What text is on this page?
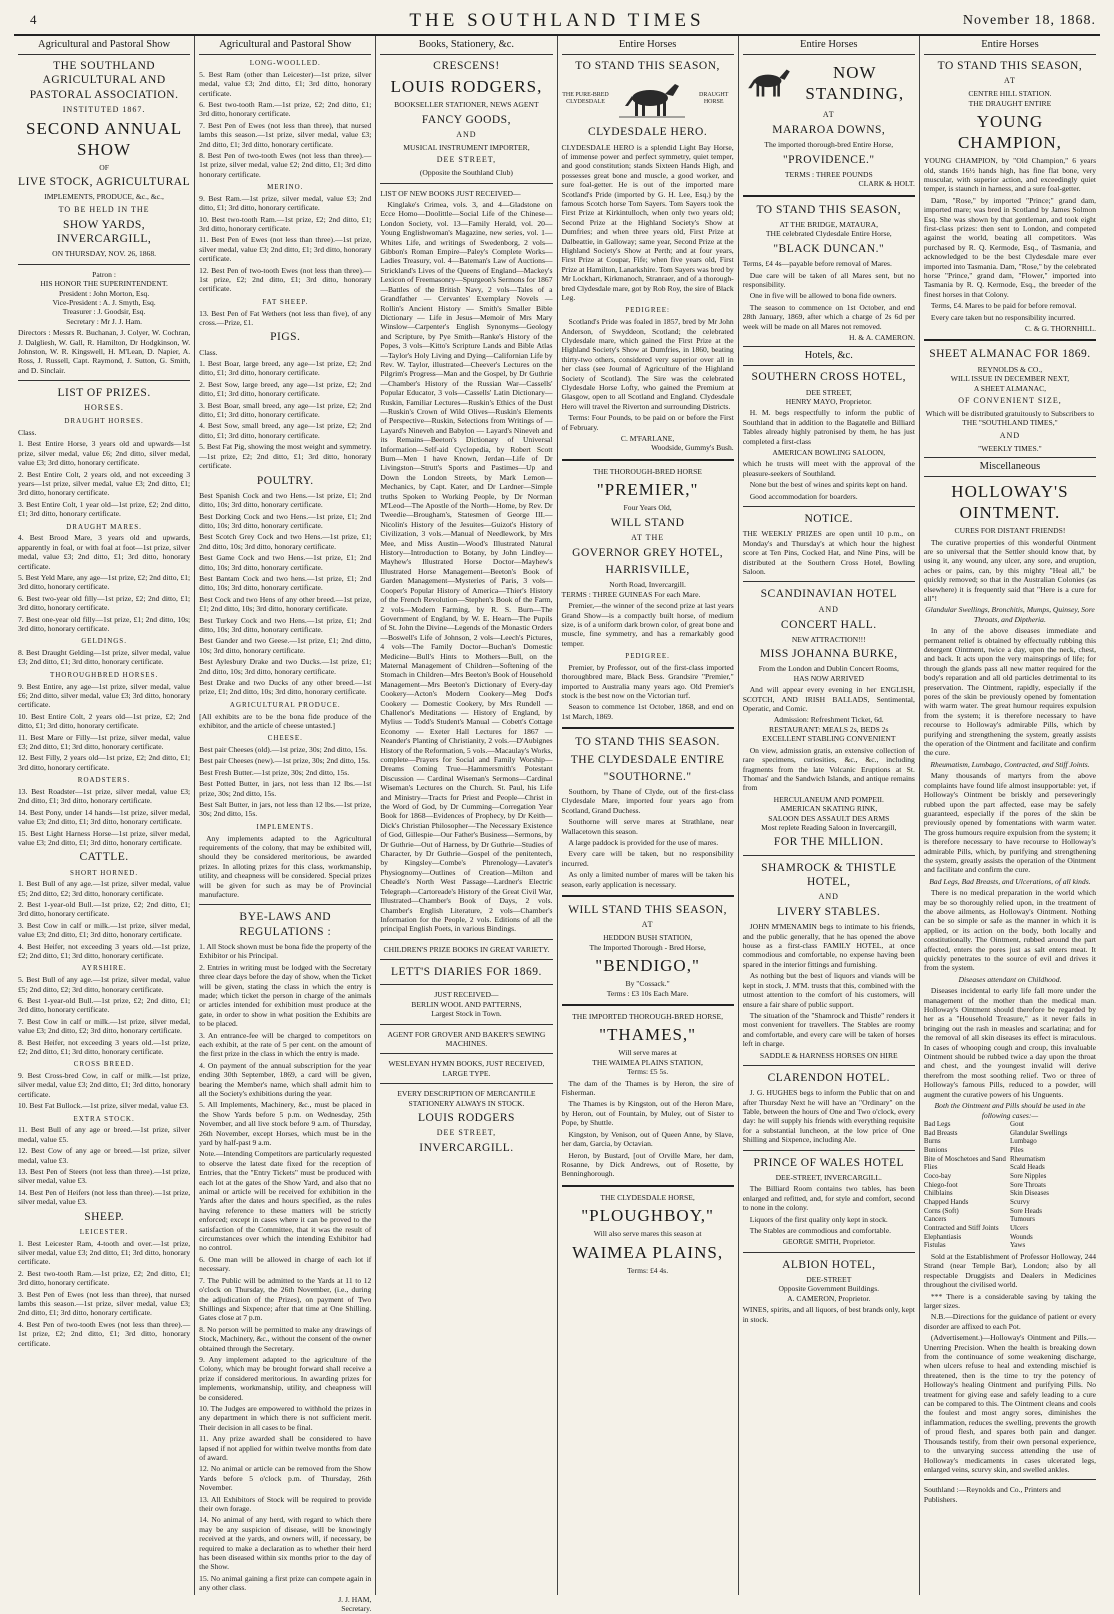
4	THE SOUTHLAND TIMES	November 18, 1868.
Agricultural and Pastoral Show
THE SOUTHLAND AGRICULTURAL AND PASTORAL ASSOCIATION.
INSTITUTED 1867.
SECOND ANNUAL SHOW
OF
LIVE STOCK, AGRICULTURAL
IMPLEMENTS, PRODUCE, &c., &c.,
TO BE HELD IN THE
SHOW YARDS, INVERCARGILL,
ON THURSDAY, NOV. 26, 1868.
Patron :
HIS HONOR THE SUPERINTENDENT.
President : John Morton, Esq.
Vice-President : A. J. Smyth, Esq.
Treasurer : J. Goodsir, Esq.
Secretary : Mr J. J. Ham.

Directors : Messrs R. Buchanan, J. Colyer, W. Cochran, J. Dalgliesh, W. Gall, R. Hamilton, Dr Hodgkinson, W. Johnston, W. R. Kingswell, H. M'Lean, D. Napier, A. Ross, J. Russell, Capt. Raymond, J. Sutton, G. Smith, and D. Sinclair.

LIST OF PRIZES.
HORSES.
DRAUGHT HORSES.
Class.

1. Best Entire Horse, 3 years old and upwards—1st prize, silver medal, value £6; 2nd ditto, silver medal, value £3; 3rd ditto, honorary certificate.

2. Best Entire Colt, 2 years old, and not exceeding 3 years—1st prize, silver medal, value £3; 2nd ditto, £1; 3rd ditto, honorary certificate.

3. Best Entire Colt, 1 year old—1st prize, £2; 2nd ditto, £1; 3rd ditto, honorary certificate.

DRAUGHT MARES.

4. Best Brood Mare, 3 years old and upwards, apparently in foal, or with foal at foot—1st prize, silver medal, value £3; 2nd ditto, £1; 3rd ditto, honorary certificate.

5. Best Yeld Mare, any age—1st prize, £2; 2nd ditto, £1; 3rd ditto, honorary certificate.

6. Best two-year old filly—1st prize, £2; 2nd ditto, £1; 3rd ditto, honorary certificate.

7. Best one-year old filly—1st prize, £1; 2nd ditto, 10s; 3rd ditto, honorary certificate.

GELDINGS.

8. Best Draught Gelding—1st prize, silver medal, value £3; 2nd ditto, £1; 3rd ditto, honorary certificate.

THOROUGHBRED HORSES.

9. Best Entire, any age—1st prize, silver medal, value £6; 2nd ditto, silver medal, value £3; 3rd ditto, honorary certificate.

10. Best Entire Colt, 2 years old—1st prize, £2; 2nd ditto, £1; 3rd ditto, honorary certificate.

11. Best Mare or Filly—1st prize, silver medal, value £3; 2nd ditto, £1; 3rd ditto, honorary certificate.

12. Best Filly, 2 years old—1st prize, £2; 2nd ditto, £1; 3rd ditto, honorary certificate.

ROADSTERS.

13. Best Roadster—1st prize, silver medal, value £3; 2nd ditto, £1; 3rd ditto, honorary certificate.

14. Best Pony, under 14 hands—1st prize, silver medal, value £3; 2nd ditto, £1; 3rd ditto, honorary certificate.

15. Best Light Harness Horse—1st prize, silver medal, value £3; 2nd ditto, £1; 3rd ditto, honorary certificate.

CATTLE.
SHORT HORNED.

1. Best Bull of any age.—1st prize, silver medal, value £5; 2nd ditto, £2; 3rd ditto, honorary certificate.

2. Best 1-year-old Bull.—1st prize, £2; 2nd ditto, £1; 3rd ditto, honorary certificate.

3. Best Cow in calf or milk.—1st prize, silver medal, value £3; 2nd ditto, £1; 3rd ditto, honorary certificate.

4. Best Heifer, not exceeding 3 years old.—1st prize, £2; 2nd ditto, £1; 3rd ditto, honorary certificate.

AYRSHIRE.

5. Best Bull of any age.—1st prize, silver medal, value £5; 2nd ditto, £2; 3rd ditto, honorary certificate.

6. Best 1-year-old Bull.—1st prize, £2; 2nd ditto, £1; 3rd ditto, honorary certificate.

7. Best Cow in calf or milk.—1st prize, silver medal, value £3; 2nd ditto, £2; 3rd ditto, honorary certificate.

8. Best Heifer, not exceeding 3 years old.—1st prize, £2; 2nd ditto, £1; 3rd ditto, honorary certificate.

CROSS BREED.

9. Best Cross-bred Cow, in calf or milk.—1st prize, silver medal, value £3; 2nd ditto, £1; 3rd ditto, honorary certificate.

10. Best Fat Bullock.—1st prize, silver medal, value £3.

EXTRA STOCK.

11. Best Bull of any age or breed.—1st prize, silver medal, value £5.

12. Best Cow of any age or breed.—1st prize, silver medal, value £3.

13. Best Pen of Steers (not less than three).—1st prize, silver medal, value £3.

14. Best Pen of Heifers (not less than three).—1st prize, silver medal, value £3.

SHEEP.
LEICESTER.

1. Best Leicester Ram, 4-tooth and over.—1st prize, silver medal, value £3; 2nd ditto, £1; 3rd ditto, honorary certificate.

2. Best two-tooth Ram.—1st prize, £2; 2nd ditto, £1; 3rd ditto, honorary certificate.

3. Best Pen of Ewes (not less than three), that nursed lambs this season.—1st prize, silver medal, value £3; 2nd ditto, £1; 3rd ditto, honorary certificate.

4. Best Pen of two-tooth Ewes (not less than three).—1st prize, £2; 2nd ditto, £1; 3rd ditto, honorary certificate.

Agricultural and Pastoral Show
LONG-WOOLLED.

5. Best Ram (other than Leicester)—1st prize, silver medal, value £3; 2nd ditto, £1; 3rd ditto, honorary certificate.

6. Best two-tooth Ram.—1st prize, £2; 2nd ditto, £1; 3rd ditto, honorary certificate.

7. Best Pen of Ewes (not less than three), that nursed lambs this season.—1st prize, silver medal, value £3; 2nd ditto, £1; 3rd ditto, honorary certificate.

8. Best Pen of two-tooth Ewes (not less than three).—1st prize, silver medal, value £2; 2nd ditto, £1; 3rd ditto honorary certificate.

MERINO.

9. Best Ram.—1st prize, silver medal, value £3; 2nd ditto, £1; 3rd ditto, honorary certificate.

10. Best two-tooth Ram.—1st prize, £2; 2nd ditto, £1; 3rd ditto, honorary certificate.

11. Best Pen of Ewes (not less than three).—1st prize, silver medal, value £3; 2nd ditto, £1; 3rd ditto, honorary certificate.

12. Best Pen of two-tooth Ewes (not less than three).—1st prize, £2; 2nd ditto, £1; 3rd ditto, honorary certificate.

FAT SHEEP.

13. Best Pen of Fat Wethers (not less than five), of any cross.—Prize, £1.

PIGS.
Class.

1. Best Boar, large breed, any age—1st prize, £2; 2nd ditto, £1; 3rd ditto, honorary certificate.

2. Best Sow, large breed, any age—1st prize, £2; 2nd ditto, £1; 3rd ditto, honorary certificate.

3. Best Boar, small breed, any age—1st prize, £2; 2nd ditto, £1; 3rd ditto, honorary certificate.

4. Best Sow, small breed, any age—1st prize, £2; 2nd ditto, £1; 3rd ditto, honorary certificate.

5. Best Fat Pig, showing the most weight and symmetry.—1st prize, £2; 2nd ditto, £1; 3rd ditto, honorary certificate.

POULTRY.

Best Spanish Cock and two Hens.—1st prize, £1; 2nd ditto, 10s; 3rd ditto, honorary certificate.

Best Dorking Cock and two Hens.—1st prize, £1; 2nd ditto, 10s; 3rd ditto, honorary certificate.

Best Scotch Grey Cock and two Hens.—1st prize, £1; 2nd ditto, 10s; 3rd ditto, honorary certificate.

Best Game Cock and two Hens.—1st prize, £1; 2nd ditto, 10s; 3rd ditto, honorary certificate.

Best Bantam Cock and two hens.—1st prize, £1; 2nd ditto, 10s; 3rd ditto, honorary certificate.

Best Cock and two Hens of any other breed.—1st prize, £1; 2nd ditto, 10s; 3rd ditto, honorary certificate.

Best Turkey Cock and two Hens.—1st prize, £1; 2nd ditto, 10s; 3rd ditto, honorary certificate.

Best Gander and two Geese.—1st prize, £1; 2nd ditto, 10s; 3rd ditto, honorary certificate.

Best Aylesbury Drake and two Ducks.—1st prize, £1; 2nd ditto, 10s; 3rd ditto, honorary certificate.

Best Drake and two Ducks of any other breed.—1st prize, £1; 2nd ditto, 10s; 3rd ditto, honorary certificate.

AGRICULTURAL PRODUCE.

[All exhibits are to be the bona fide produce of the exhibitor, and the article of cheese untasted.]

CHEESE.

Best pair Cheeses (old).—1st prize, 30s; 2nd ditto, 15s.

Best pair Cheeses (new).—1st prize, 30s; 2nd ditto, 15s.

Best Fresh Butter.—1st prize, 30s; 2nd ditto, 15s.

Best Potted Butter, in jars, not less than 12 lbs.—1st prize, 30s; 2nd ditto, 15s.

Best Salt Butter, in jars, not less than 12 lbs.—1st prize, 30s; 2nd ditto, 15s.

IMPLEMENTS.

Any implements adapted to the Agricultural requirements of the colony, that may be exhibited will, should they be considered meritorious, be awarded prizes. In alloting prizes for this class, workmanship, utility, and cheapness will be considered. Special prizes will be given for such as may be of Provincial manufacture.

BYE-LAWS AND REGULATIONS :

1. All Stock shown must be bona fide the property of the Exhibitor or his Principal.

2. Entries in writing must be lodged with the Secretary three clear days before the day of show, when the Ticket will be given, stating the class in which the entry is made; which ticket the person in charge of the animals or articles intended for exhibition must produce at the gate, in order to show in what position the Exhibits are to be placed.

3. An entrance-fee will be charged to competitors on each exhibit, at the rate of 5 per cent. on the amount of the first prize in the class in which the entry is made.

4. On payment of the annual subscription for the year ending 30th September, 1869, a card will be given, bearing the Member's name, which shall admit him to all the Society's exhibitions during the year.

5. All Implements, Machinery, &c., must be placed in the Show Yards before 5 p.m. on Wednesday, 25th November, and all live stock before 9 a.m. of Thursday, 26th November, except Horses, which must be in the yard by half-past 9 a.m.

Note.—Intending Competitors are particularly requested to observe the latest date fixed for the reception of Entries, that the "Entry Tickets" must be produced with each lot at the gates of the Show Yard, and also that no animal or article will be received for exhibition in the Yards after the dates and hours specified, as the rules having reference to these matters will be strictly enforced; except in cases where it can be proved to the satisfaction of the Committee, that it was the result of circumstances over which the intending Exhibitor had no control.

6. One man will be allowed in charge of each lot if necessary.

7. The Public will be admitted to the Yards at 11 to 12 o'clock on Thursday, the 26th November, (i.e., during the adjudication of the Prizes), on payment of Two Shillings and Sixpence; after that time at One Shilling. Gates close at 7 p.m.

8. No person will be permitted to make any drawings of Stock, Machinery, &c., without the consent of the owner obtained through the Secretary.

9. Any implement adapted to the agriculture of the Colony, which may be brought forward shall receive a prize if considered meritorious. In awarding prizes for implements, workmanship, utility, and cheapness will be considered.

10. The Judges are empowered to withhold the prizes in any department in which there is not sufficient merit. Their decision in all cases to be final.

11. Any prize awarded shall be considered to have lapsed if not applied for within twelve months from date of award.

12. No animal or article can be removed from the Show Yards before 5 o'clock p.m. of Thursday, 26th November.

13. All Exhibitors of Stock will be required to provide their own forage.

14. No animal of any herd, with regard to which there may be any suspicion of disease, will be knowingly received at the yards, and owners will, if necessary, be required to make a declaration as to whether their herd has been diseased within six months prior to the day of the Show.

15. No animal gaining a first prize can compete again in any other class.

J. J. HAM,
Secretary.
Books, Stationery, &c.
CRESCENS!
LOUIS RODGERS,
BOOKSELLER STATIONER, NEWS AGENT
FANCY GOODS,
AND
MUSICAL INSTRUMENT IMPORTER,
DEE STREET,
(Opposite the Southland Club)
LIST OF NEW BOOKS JUST RECEIVED—

Kinglake's Crimea, vols. 3, and 4—Gladstone on Ecce Homo—Doolittle—Social Life of the Chinese—London Society, vol. 13—Family Herald, vol. 20—Young Englishwoman's Magazine, new series, vol. 1—Whites Life, and writings of Swedenborg, 2 vols—Gibbon's Roman Empire—Paley's Complete Works—Ladies Treasury, vol. 4—Bateman's Law of Auctions—Strickland's Lives of the Queens of England—Mackey's Lexicon of Freemasonry—Spurgeon's Sermons for 1867—Battles of the British Navy, 2 vols—Tales of a Grandfather — Cervantes' Exemplary Novels — Rollin's Ancient History — Smith's Smaller Bible Dictionary — Life in Jesus—Memoir of Mrs Mary Winslow—Carpenter's English Synonyms—Geology and Scripture, by Pye Smith—Ranke's History of the Popes, 3 vols—Kitto's Scripture Lands and Bible Atlas—Taylor's Holy Living and Dying—Californian Life by Rev. W. Taylor, illustrated—Cheever's Lectures on the Pilgrim's Progress—Man and the Gospel, by Dr Guthrie—Chamber's History of the Russian War—Cassells' Popular Educator, 3 vols—Cassells' Latin Dictionary—Ruskin, Familiar Lectures—Ruskin's Ethics of the Dust—Ruskin's Crown of Wild Olives—Ruskin's Elements of Perspective—Ruskin, Selections from Writings of — Layard's Nineveh and Babylon — Layard's Nineveh and its Remains—Beeton's Dictionary of Universal Information—Self-aid Cyclopedia, by Robert Scott Burn—Men I have Known, Jerdan—Life of Dr Livingston—Strutt's Sports and Pastimes—Up and Down the London Streets, by Mark Lemon—Mechanics, by Capt. Kater, and Dr Lardner—Simple truths Spoken to Working People, by Dr Norman M'Leod—The Apostle of the North—Home, by Rev. Dr Tweedie—Brougham's, Statesmen of George III.—Nicolin's History of the Jesuites—Guizot's History of Civilization, 3 vols.—Manual of Needlework, by Mrs Mee, and Miss Austin—Wood's Illustrated Natural History—Introduction to Botany, by John Lindley—Mayhew's Illustrated Horse Doctor—Mayhew's Illustrated Horse Management—Beeton's Book of Garden Management—Mysteries of Paris, 3 vols—Cooper's Popular History of America—Thier's History of the French Revolution—Stephen's Book of the Farm, 2 vols—Modern Farming, by R. S. Burn—The Government of England, by W. E. Hearn—The Pupils of St. John the Divine—Legends of the Monastic Orders—Boswell's Life of Johnson, 2 vols—Leech's Pictures, 4 vols—The Family Doctor—Buchan's Domestic Medicine—Bull's Hints to Mothers—Bull, on the Maternal Management of Children—Softening of the Stomach in Children—Mrs Beeton's Book of Household Management—Mrs Beeton's Dictionary of Every-day Cookery—Acton's Modern Cookery—Meg Dod's Cookery — Domestic Cookery, by Mrs Rundell — Challenor's Meditations — History of England, by Mylius — Todd's Student's Manual — Cobett's Cottage Economy — Exeter Hall Lectures for 1867 — Neander's Planting of Christianity, 2 vols.—D'Aubignes History of the Reformation, 5 vols.—Macaulay's Works, complete—Prayers for Social and Family Worship—Dreams Coming True—Hammersmith's Potestant Discussion — Cardinal Wiseman's Sermons—Cardinal Wiseman's Lectures on the Church. St. Paul, his Life and Ministry—Tracts for Priest and People—Christ in the Word of God, by Dr Cumming—Corregation Year Book for 1868—Evidences of Prophecy, by Dr Keith—Dick's Christian Philosopher—The Necessary Existence of God, Gillespie—Our Father's Business—Sermons, by Dr Guthrie—Out of Harness, by Dr Guthrie—Studies of Character, by Dr Guthrie—Gospel of the penitentech, by Kingsley—Combe's Phrenology—Lavater's Physiognomy—Outlines of Creation—Milton and Cheadle's North West Passage—Lardner's Electric Telegraph—Cartoreade's History of the Great Civil War, Illustrated—Chamber's Book of Days, 2 vols. Chamber's English Literature, 2 vols—Chamber's Information for the People, 2 vols. Editions of all the principal English Poets, in various Bindings.

CHILDREN'S PRIZE BOOKS IN GREAT VARIETY.
LETT'S DIARIES FOR 1869.
JUST RECEIVED—
BERLIN WOOL AND PATTERNS,
Largest Stock in Town.
AGENT FOR GROVER AND BAKER'S SEWING MACHINES.
WESLEYAN HYMN BOOKS, JUST RECEIVED, LARGE TYPE.
EVERY DESCRIPTION OF MERCANTILE STATIONERY ALWAYS IN STOCK.
LOUIS RODGERS
DEE STREET,
INVERCARGILL.
Entire Horses
TO STAND THIS SEASON,
THE PURE-BRED CLYDESDALE
DRAUGHT HORSE
CLYDESDALE HERO.

CLYDESDALE HERO is a splendid Light Bay Horse, of immense power and perfect symmetry, quiet temper, and good constitution; stands Sixteen Hands High, and possesses great bone and muscle, a good worker, and sure foal-getter. He is out of the imported mare Scotland's Pride (imported by G. H. Lee, Esq.) by the famous Scotch horse Tom Sayers. Tom Sayers took the First Prize at Kirkintulloch, when only two years old; Second Prize at the Highland Society's Show at Dumfries; and when three years old, First Prize at Dalbeattie, in Galloway; same year, Second Prize at the Highland Society's Show at Perth; and at four years, First Prize at Coupar, Fife; when five years old, First Prize at Hamilton, Lanarkshire. Tom Sayers was bred by Mr Lockhart, Kirkmanoch, Stranraer, and of a thorough-bred Clydesdale mare, got by Rob Roy, the sire of Black Leg.

PEDIGREE:

Scotland's Pride was foaled in 1857, bred by Mr John Anderson, of Swyddeon, Scotland; the celebrated Clydesdale mare, which gained the First Prize at the Highland Society's Show at Dumfries, in 1860, beating thirty-two others, considered very superior over all in her class (see Journal of Agriculture of the Highland Society of Scotland). The Sire was the celebrated Clydesdale Horse Lofty, who gained the Premium at Glasgow, open to all Scotland and England. Clydesdale Hero will travel the Riverton and surrounding Districts.

Terms: Four Pounds, to be paid on or before the First of February.

C. M'FARLANE,
Woodside, Gummy's Bush.
THE THOROUGH-BRED HORSE
"PREMIER,"
Four Years Old,
WILL STAND
AT THE
GOVERNOR GREY HOTEL,
HARRISVILLE,
North Road, Invercargill.
TERMS : THREE GUINEAS For each Mare.

Premier,—the winner of the second prize at last years Grand Show—is a compactly built horse, of medium size, is of a uniform dark brown color, of great bone and muscle, fine symmetry, and has a remarkably good temper.

PEDIGREE.

Premier, by Professor, out of the first-class imported thoroughbred mare, Black Bess. Grandsire "Premier," imported to Australia many years ago. Old Premier's stock is the best now on the Victorian turf.

Season to commence 1st October, 1868, and end on 1st March, 1869.

TO STAND THIS SEASON.
THE CLYDESDALE ENTIRE
"SOUTHORNE."

Southorn, by Thane of Clyde, out of the first-class Clydesdale Mare, imported four years ago from Scotland, Grand Duchess.

Southorne will serve mares at Strathlane, near Wallacetown this season.

A large paddock is provided for the use of mares.

Every care will be taken, but no responsibility incurred.

As only a limited number of mares will be taken his season, early application is necessary.

WILL STAND THIS SEASON,
AT
HEDDON BUSH STATION,
The Imported Thorough - Bred Horse,
"BENDIGO,"
By "Cossack."
Terms : £3 10s Each Mare.
THE IMPORTED THOROUGH-BRED HORSE,
"THAMES,"
Will serve mares at
THE WAIMEA PLAINS STATION,
Terms: £5 5s.

The dam of the Thames is by Heron, the sire of Fisherman.

The Thames is by Kingston, out of the Heron Mare, by Heron, out of Fountain, by Muley, out of Sister to Pope, by Shuttle.

Kingston, by Venison, out of Queen Anne, by Slave, her dam, Garcia, by Octavian.

Heron, by Bustard, [out of Orville Mare, her dam, Rosanne, by Dick Andrews, out of Rosette, by Benninghorough.

THE CLYDESDALE HORSE,
"PLOUGHBOY,"
Will also serve mares this season at
WAIMEA PLAINS,
Terms: £4 4s.
Entire Horses
NOW STANDING,
AT
MARAROA DOWNS,
The imported thorough-bred Entire Horse,
"PROVIDENCE."
TERMS : THREE POUNDS
CLARK & HOLT.
TO STAND THIS SEASON,
AT THE BRIDGE, MATAURA,
THE celebrated Clydesdale Entire Horse,
"BLACK DUNCAN."

Terms, £4 4s—payable before removal of Mares.

Due care will be taken of all Mares sent, but no responsibility.

One in five will be allowed to bona fide owners.

The season to commence on 1st October, and end 28th January, 1869, after which a charge of 2s 6d per week will be made on all Mares not removed.

H. & A. CAMERON.
Hotels, &c.
SOUTHERN CROSS HOTEL,
DEE STREET,
HENRY MAYO, Proprietor.

H. M. begs respectfully to inform the public of Southland that in addition to the Bagatelle and Billiard Tables already highly patronised by them, he has just completed a first-class

AMERICAN BOWLING SALOON,

which he trusts will meet with the approval of the pleasure-seekers of Southland.

None but the best of wines and spirits kept on hand.

Good accommodation for boarders.

NOTICE.

THE WEEKLY PRIZES are open until 10 p.m., on Monday's and Thursday's at which hour the highest score at Ten Pins, Cocked Hat, and Nine Pins, will be distributed at the Southern Cross Hotel, Bowling Saloon.

SCANDINAVIAN HOTEL
AND
CONCERT HALL.
NEW ATTRACTION!!!
MISS JOHANNA BURKE,
From the London and Dublin Concert Rooms,
HAS NOW ARRIVED

And will appear every evening in her ENGLISH, SCOTCH, AND IRISH BALLADS, Sentimental, Operatic, and Comic.

Admission: Refreshment Ticket, 6d.
RESTAURANT: MEALS 2s, BEDS 2s
EXCELLENT STABLING CONVENIENT

On view, admission gratis, an extensive collection of rare specimens, curiosities, &c., &c., including fragments from the late Volcanic Eruptions at St. Thomas' and the Sandwich Islands, and antique remains from

HERCULANEUM AND POMPEII.
AMERICAN SKATING RINK,
SALOON DES ASSAULT DES ARMS
Most replete Reading Saloon in Invercargill,
FOR THE MILLION.
SHAMROCK & THISTLE HOTEL,
AND
LIVERY STABLES.

JOHN M'MENAMIN begs to intimate to his friends, and the public generally, that he has opened the above house as a first-class FAMILY HOTEL, at once commodious and comfortable, no expense having been spared in the interior fittings and furnishing.

As nothing but the best of liquors and viands will be kept in stock, J. M'M. trusts that this, combined with the utmost attention to the comfort of his customers, will ensure a fair share of public support.

The situation of the "Shamrock and Thistle" renders it most convenient for travellers. The Stables are roomy and comfortable, and every care will be taken of horses left in charge.

SADDLE & HARNESS HORSES ON HIRE
CLARENDON HOTEL.

J. G. HUGHES begs to inform the Public that on and after Thursday Next he will have an "Ordinary" on the Table, between the hours of One and Two o'clock, every day: he will supply his friends with everything requisite for a substantial luncheon, at the low price of One Shilling and Sixpence, including Ale.

PRINCE OF WALES HOTEL
DEE-STREET, INVERCARGILL.

The Billiard Room contains two tables, has been enlarged and refitted, and, for style and comfort, second to none in the colony.

Liquors of the first quality only kept in stock.

The Stables are commodious and comfortable.

GEORGE SMITH, Proprietor.
ALBION HOTEL,
DEE-STREET
Opposite Government Buildings.
A. CAMERON, Proprietor.

WINES, spirits, and all liquors, of best brands only, kept in stock.

Entire Horses
TO STAND THIS SEASON,
AT
CENTRE HILL STATION.
THE DRAUGHT ENTIRE
YOUNG CHAMPION,

YOUNG CHAMPION, by "Old Champion," 6 years old, stands 16½ hands high, has fine flat bone, very muscular, with superior action, and exceedingly quiet temper, is staunch in harness, and a sure foal-getter.

Dam, "Rose," by imported "Prince;" grand dam, imported mare; was bred in Scotland by James Solmon Esq. She was shown by that gentleman, and took eight first-class prizes: then sent to London, and competed against the world, beating all competitors. Was purchased by R. Q. Kermode, Esq., of Tasmania, and acknowledged to be the best Clydesdale mare ever imported into Tasmania. Dam, "Rose," by the celebrated horse "Prince," grand dam, "Flower," imported into Tasmania by R. Q. Kermode, Esq., the breeder of the finest horses in that Colony.

Terms, £4. Mares to be paid for before removal.

Every care taken but no responsibility incurred.

C. & G. THORNHILL.
SHEET ALMANAC FOR 1869.
REYNOLDS & CO.,
WILL ISSUE IN DECEMBER NEXT,
A SHEET ALMANAC,
OF CONVENIENT SIZE,
Which will be distributed gratuitously to Subscribers to
THE "SOUTHLAND TIMES,"
AND
"WEEKLY TIMES."
Miscellaneous
HOLLOWAY'S OINTMENT.
CURES FOR DISTANT FRIENDS!

The curative properties of this wonderful Ointment are so universal that the Settler should know that, by using it, any wound, any ulcer, any sore, and eruption, aches or pains, can, by this mighty "Heal all," be quickly removed; so that in the Australian Colonies (as elsewhere) it is frequently said that "Here is a cure for all"!

Glandular Swellings, Bronchitis, Mumps, Quinsey, Sore Throats, and Diptheria.

In any of the above diseases immediate and permanent relief is obtained by effectually rubbing this detergent Ointment, twice a day, upon the neck, chest, and back. It acts upon the very mainsprings of life; for through the glands pass all new matter required for the body's reparation and all old particles detrimental to its preservation. The Ointment, rapidly, especially if the pores of the skin be previously opened by fomentation with warm water. The great humour requires expulsion from the system; it is therefore necessary to have recourse to Holloway's admirable Pills, which by purifying and strengthening the system, greatly assists the operation of the Ointment and facilitate and confirm the cure.

Rheumatism, Lumbago, Contracted, and Stiff Joints.

Many thousands of martyrs from the above complaints have found life almost insupportable: yet, if Holloway's Ointment be briskly and perseveringly rubbed upon the part affected, ease may be safely guaranteed, especially if the pores of the skin be previously opened by fomentations with warm water. The gross humours require expulsion from the system; it is therefore necessary to have recourse to Holloway's admirable Pills, which, by purifying and strengthening the system, greatly assists the operation of the Ointment and facilitate and confirm the cure.

Bad Legs, Bad Breasts, and Ulcerations, of all kinds.

There is no medical preparation in the world which may be so thoroughly relied upon, in the treatment of the above ailments, as Holloway's Ointment. Nothing can be so simple or safe as the manner in which it is applied, or its action on the body, both locally and constitutionally. The Ointment, rubbed around the part affected, enters the pores just as salt enters meat. It quickly penetrates to the source of evil and drives it from the system.

Diseases attendant on Childhood.

Diseases incidental to early life fall more under the management of the mother than the medical man. Holloway's Ointment should therefore be regarded by her as a "Household Treasure," as it never fails in bringing out the rash in measles and scarlatina; and for the removal of all skin diseases its effect is miraculous. In cases of whooping cough and croup, this invaluable Ointment should be rubbed twice a day upon the throat and chest, and the youngest invalid will derive therefrom the most soothing relief. Two or three of Holloway's famous Pills, reduced to a powder, will augment the curative powers of his Unguents.

Both the Ointment and Pills should be used in the following cases:—
Bad Legs
Bad Breasts
Burns
Bunions
Bite of Moschetoes and Sand Flies
Coco-bay
Chiego-foot
Chilblains
Chapped Hands
Corns (Soft)
Cancers
Contracted and Stiff Joints
Elephantiasis
Fistulas
Gout
Glandular Swellings
Lumbago
Piles
Rheumatism
Scald Heads
Sore Nipples
Sore Throats
Skin Diseases
Scurvy
Sore Heads
Tumours
Ulcers
Wounds
Yaws

Sold at the Establishment of Professor Holloway, 244 Strand (near Temple Bar), London; also by all respectable Druggists and Dealers in Medicines throughout the civilised world.

*** There is a considerable saving by taking the larger sizes.

N.B.—Directions for the guidance of patient or every disorder are affixed to each Pot.

(Advertisement.)—Holloway's Ointment and Pills.—Unerring Precision. When the health is breaking down from the continuance of some weakening discharge, when ulcers refuse to heal and extending mischief is threatened, then is the time to try the potency of Holloway's healing Ointment and purifying Pills. No treatment for giving ease and safely leading to a cure can be compared to this. The Ointment cleans and cools the foulest and most angry sores, diminishes the inflammation, reduces the swelling, prevents the growth of proud flesh, and spares both pain and danger. Thousands testify, from their own personal experience, to the unvarying success attending the use of Holloway's medicaments in cases ulcerated legs, enlarged veins, scurvy skin, and swelled ankles.

Southland :—Reynolds and Co., Printers and Publishers.
